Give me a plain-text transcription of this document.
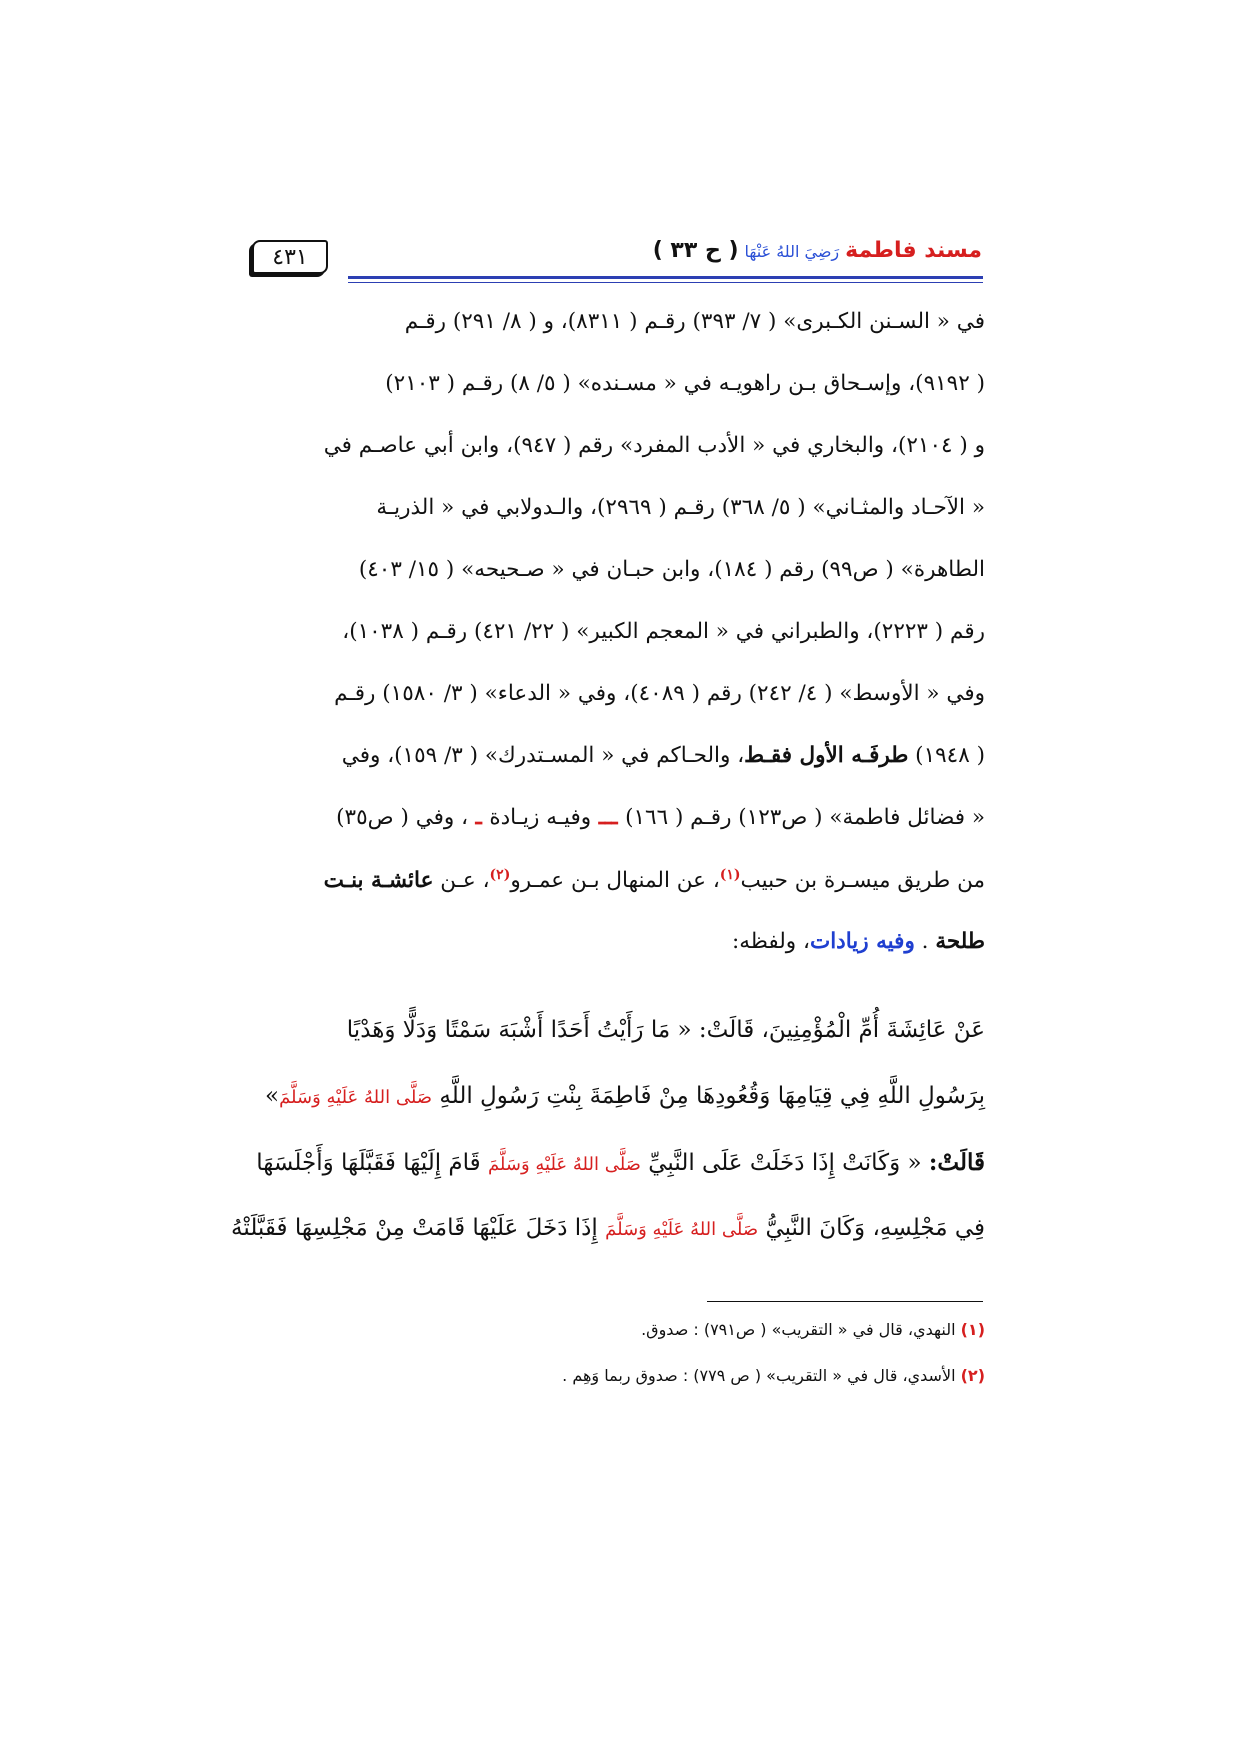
٤٣١	مسند فاطمةرَضِيَ اللهُ عَنْهَا( ح ٣٣ )
في « السـنن الكـبرى» ( ٧/ ٣٩٣) رقـم ( ٨٣١١)، و ( ٨/ ٢٩١) رقـم
( ٩١٩٢)، وإسـحاق بـن راهويـه في « مسـنده» ( ٥/ ٨) رقـم ( ٢١٠٣)
و ( ٢١٠٤)، والبخاري في « الأدب المفرد» رقم ( ٩٤٧)، وابن أبي عاصـم في
« الآحـاد والمثـاني» ( ٥/ ٣٦٨) رقـم ( ٢٩٦٩)، والـدولابي في « الذريـة
الطاهرة» ( ص٩٩) رقم ( ١٨٤)، وابن حبـان في « صـحيحه» ( ١٥/ ٤٠٣)
رقم ( ٢٢٢٣)، والطبراني في « المعجم الكبير» ( ٢٢/ ٤٢١) رقـم ( ١٠٣٨)،
وفي « الأوسط» ( ٤/ ٢٤٢) رقم ( ٤٠٨٩)، وفي « الدعاء» ( ٣/ ١٥٨٠) رقـم
( ١٩٤٨) طرفَـه الأول فقـط، والحـاكم في « المسـتدرك» ( ٣/ ١٥٩)، وفي
« فضائل فاطمة» ( ص١٢٣) رقـم ( ١٦٦) ـــ وفيـه زيـادة ـ ، وفي ( ص٣٥)
من طريق ميسـرة بن حبيب$^{(١)}$، عن المنهال بـن عمـرو$^{(٢)}$، عـن عائشـة بنـت
طلحة . وفيه زيادات، ولفظه:
عَنْ عَائِشَةَ أُمِّ الْمُؤْمِنِينَ، قَالَتْ: « مَا رَأَيْتُ أَحَدًا أَشْبَهَ سَمْتًا وَدَلًّا وَهَدْيًا
بِرَسُولِ اللَّهِ فِي قِيَامِهَا وَقُعُودِهَا مِنْ فَاطِمَةَ بِنْتِ رَسُولِ اللَّهِ صَلَّى اللهُ عَلَيْهِ وَسَلَّمَ»
قَالَتْ: « وَكَانَتْ إِذَا دَخَلَتْ عَلَى النَّبِيِّ صَلَّى اللهُ عَلَيْهِ وَسَلَّمَ قَامَ إِلَيْهَا فَقَبَّلَهَا وَأَجْلَسَهَا
فِي مَجْلِسِهِ، وَكَانَ النَّبِيُّ صَلَّى اللهُ عَلَيْهِ وَسَلَّمَ إِذَا دَخَلَ عَلَيْهَا قَامَتْ مِنْ مَجْلِسِهَا فَقَبَّلَتْهُ
(١) النهدي، قال في « التقريب» ( ص٧٩١) : صدوق.
(٢) الأسدي، قال في « التقريب» ( ص ٧٧٩) : صدوق ربما وَهِم .
